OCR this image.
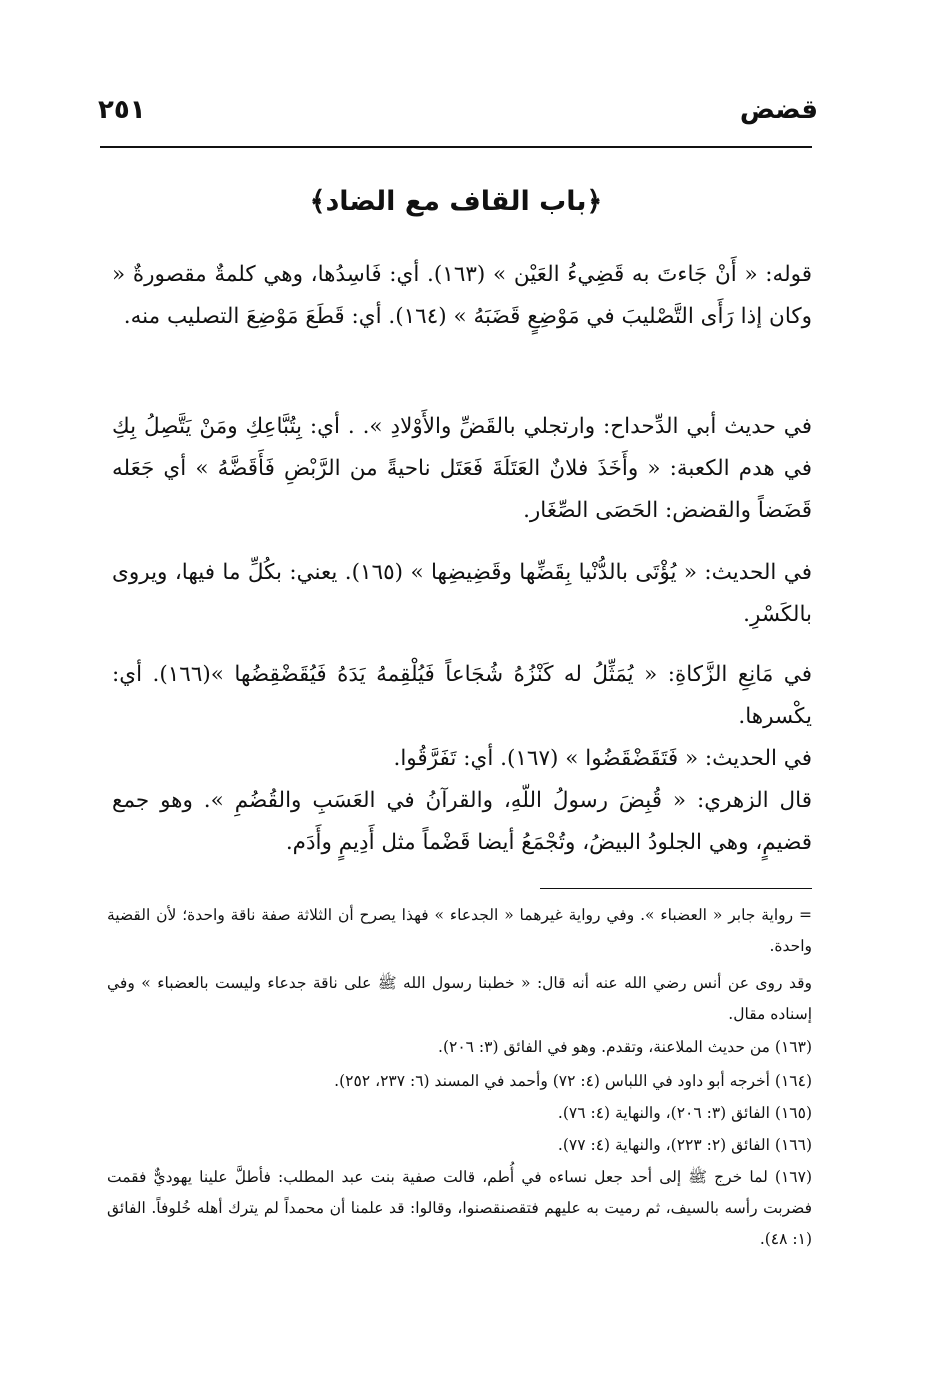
قضض
٢٥١
﴿باب القاف مع الضاد﴾
قوله: « أَنْ جَاءتَ به قَضِيءُ العَيْن » (١٦٣). أي: فَاسِدُها، وهي كلمةٌ مقصورةٌ « وكان إذا رَأَى التَّصْليبَ في مَوْضِعٍ قَضَبَهُ » (١٦٤). أي: قَطَعَ مَوْضِعَ التصليب منه.
في حديث أبي الدِّحداح: وارتجلي بالقَضِّ والأَوْلادِ ». . أي: بِتُبَّاعِكِ ومَنْ يَتَّصِلُ بِكِ في هدم الكعبة: « وأَخَذَ فلانٌ العَتَلَةَ فَعَتَل ناحيةً من الرَّبْضِ فَأَقَضَّهُ » أي جَعَله قَضَضاً والقضض: الحَصَى الصِّغَار.
في الحديث: « يُؤْتَى بالدُّنْيا بِقَضِّها وقَضِيضِها » (١٦٥). يعني: بكُلِّ ما فيها، ويروى بالكَسْرِ.
في مَانِعِ الزَّكاةِ: « يُمَثِّلُ له كَنْزُهُ شُجَاعاً فَيُلْقِمهُ يَدَهُ فَيُقَضْقِضُها »(١٦٦). أي: يكْسرها.
في الحديث: « فَتَقَضْقَضُوا » (١٦٧). أي: تَفَرَّقُوا.
قال الزهري: « قُبِضَ رسولُ اللّهِ، والقرآنُ في العَسَبِ والقُضُمِ ». وهو جمع قضيمٍ، وهي الجلودُ البيضُ، وتُجْمَعُ أيضا قَضْماً مثل أَدِيمٍ وأَدَم.
= رواية جابر « العضباء ». وفي رواية غيرهما « الجدعاء » فهذا يصرح أن الثلاثة صفة ناقة واحدة؛ لأن القضية واحدة.
وقد روى عن أنس رضي الله عنه أنه قال: « خطبنا رسول الله ﷺ على ناقة جدعاء وليست بالعضباء » وفي إسناده مقال.
(١٦٣) من حديث الملاعنة، وتقدم. وهو في الفائق (٣: ٢٠٦).
(١٦٤) أخرجه أبو داود في اللباس (٤: ٧٢) وأحمد في المسند (٦: ٢٣٧، ٢٥٢).
(١٦٥) الفائق (٣: ٢٠٦)، والنهاية (٤: ٧٦).
(١٦٦) الفائق (٢: ٢٢٣)، والنهاية (٤: ٧٧).
(١٦٧) لما خرج ﷺ إلى أحد جعل نساءه في أُطم، قالت صفية بنت عبد المطلب: فأطلَّ علينا يهوديٌّ فقمت فضربت رأسه بالسيف، ثم رميت به عليهم فتقصنقصنوا، وقالوا: قد علمنا أن محمداً لم يترك أهله خُلوفاً. الفائق (١: ٤٨).
